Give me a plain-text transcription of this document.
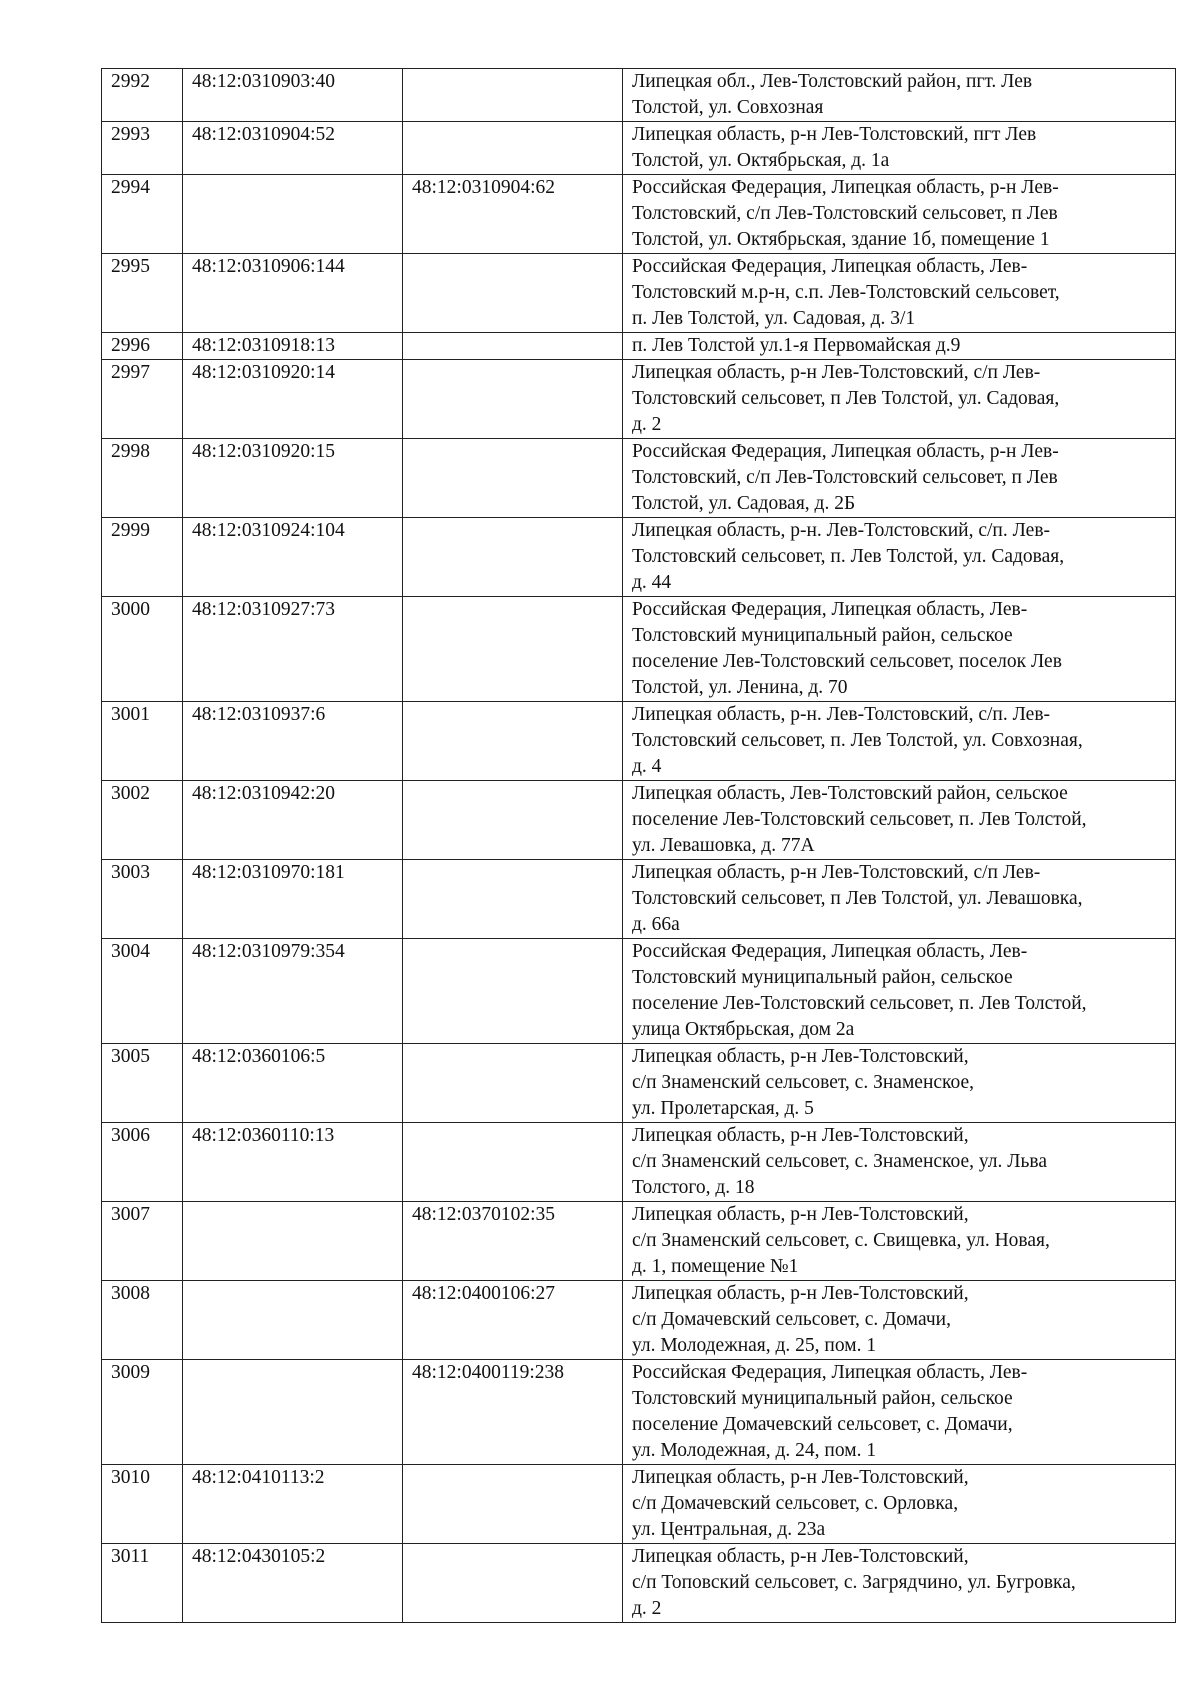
2992	48:12:0310903:40		Липецкая обл., Лев-Толстовский район, пгт. Лев
Толстой, ул. Совхозная

2993	48:12:0310904:52		Липецкая область, р-н Лев-Толстовский, пгт Лев
Толстой, ул. Октябрьская, д. 1а

2994		48:12:0310904:62	Российская Федерация, Липецкая область, р-н Лев-
Толстовский, с/п Лев-Толстовский сельсовет, п Лев
Толстой, ул. Октябрьская, здание 1б, помещение 1

2995	48:12:0310906:144		Российская Федерация, Липецкая область, Лев-
Толстовский м.р-н, с.п. Лев-Толстовский сельсовет,
п. Лев Толстой, ул. Садовая, д. 3/1

2996	48:12:0310918:13		п. Лев Толстой ул.1-я Первомайская д.9

2997	48:12:0310920:14		Липецкая область, р-н Лев-Толстовский, с/п Лев-
Толстовский сельсовет, п Лев Толстой, ул. Садовая,
д. 2

2998	48:12:0310920:15		Российская Федерация, Липецкая область, р-н Лев-
Толстовский, с/п Лев-Толстовский сельсовет, п Лев
Толстой, ул. Садовая, д. 2Б

2999	48:12:0310924:104		Липецкая область, р-н. Лев-Толстовский, с/п. Лев-
Толстовский сельсовет, п. Лев Толстой, ул. Садовая,
д. 44

3000	48:12:0310927:73		Российская Федерация, Липецкая область, Лев-
Толстовский муниципальный район, сельское
поселение Лев-Толстовский сельсовет, поселок Лев
Толстой, ул. Ленина, д. 70

3001	48:12:0310937:6		Липецкая область, р-н. Лев-Толстовский, с/п. Лев-
Толстовский сельсовет, п. Лев Толстой, ул. Совхозная,
д. 4

3002	48:12:0310942:20		Липецкая область, Лев-Толстовский район, сельское
поселение Лев-Толстовский сельсовет, п. Лев Толстой,
ул. Левашовка, д. 77А

3003	48:12:0310970:181		Липецкая область, р-н Лев-Толстовский, с/п Лев-
Толстовский сельсовет, п Лев Толстой, ул. Левашовка,
д. 66а

3004	48:12:0310979:354		Российская Федерация, Липецкая область, Лев-
Толстовский муниципальный район, сельское
поселение Лев-Толстовский сельсовет, п. Лев Толстой,
улица Октябрьская, дом 2а

3005	48:12:0360106:5		Липецкая область, р-н Лев-Толстовский,
с/п Знаменский сельсовет, с. Знаменское,
ул. Пролетарская, д. 5

3006	48:12:0360110:13		Липецкая область, р-н Лев-Толстовский,
с/п Знаменский сельсовет, с. Знаменское, ул. Льва
Толстого, д. 18

3007		48:12:0370102:35	Липецкая область, р-н Лев-Толстовский,
с/п Знаменский сельсовет, с. Свищевка, ул. Новая,
д. 1, помещение №1

3008		48:12:0400106:27	Липецкая область, р-н Лев-Толстовский,
с/п Домачевский сельсовет, с. Домачи,
ул. Молодежная, д. 25, пом. 1

3009		48:12:0400119:238	Российская Федерация, Липецкая область, Лев-
Толстовский муниципальный район, сельское
поселение Домачевский сельсовет, с. Домачи,
ул. Молодежная, д. 24, пом. 1

3010	48:12:0410113:2		Липецкая область, р-н Лев-Толстовский,
с/п Домачевский сельсовет, с. Орловка,
ул. Центральная, д. 23а

3011	48:12:0430105:2		Липецкая область, р-н Лев-Толстовский,
с/п Топовский сельсовет, с. Загрядчино, ул. Бугровка,
д. 2
